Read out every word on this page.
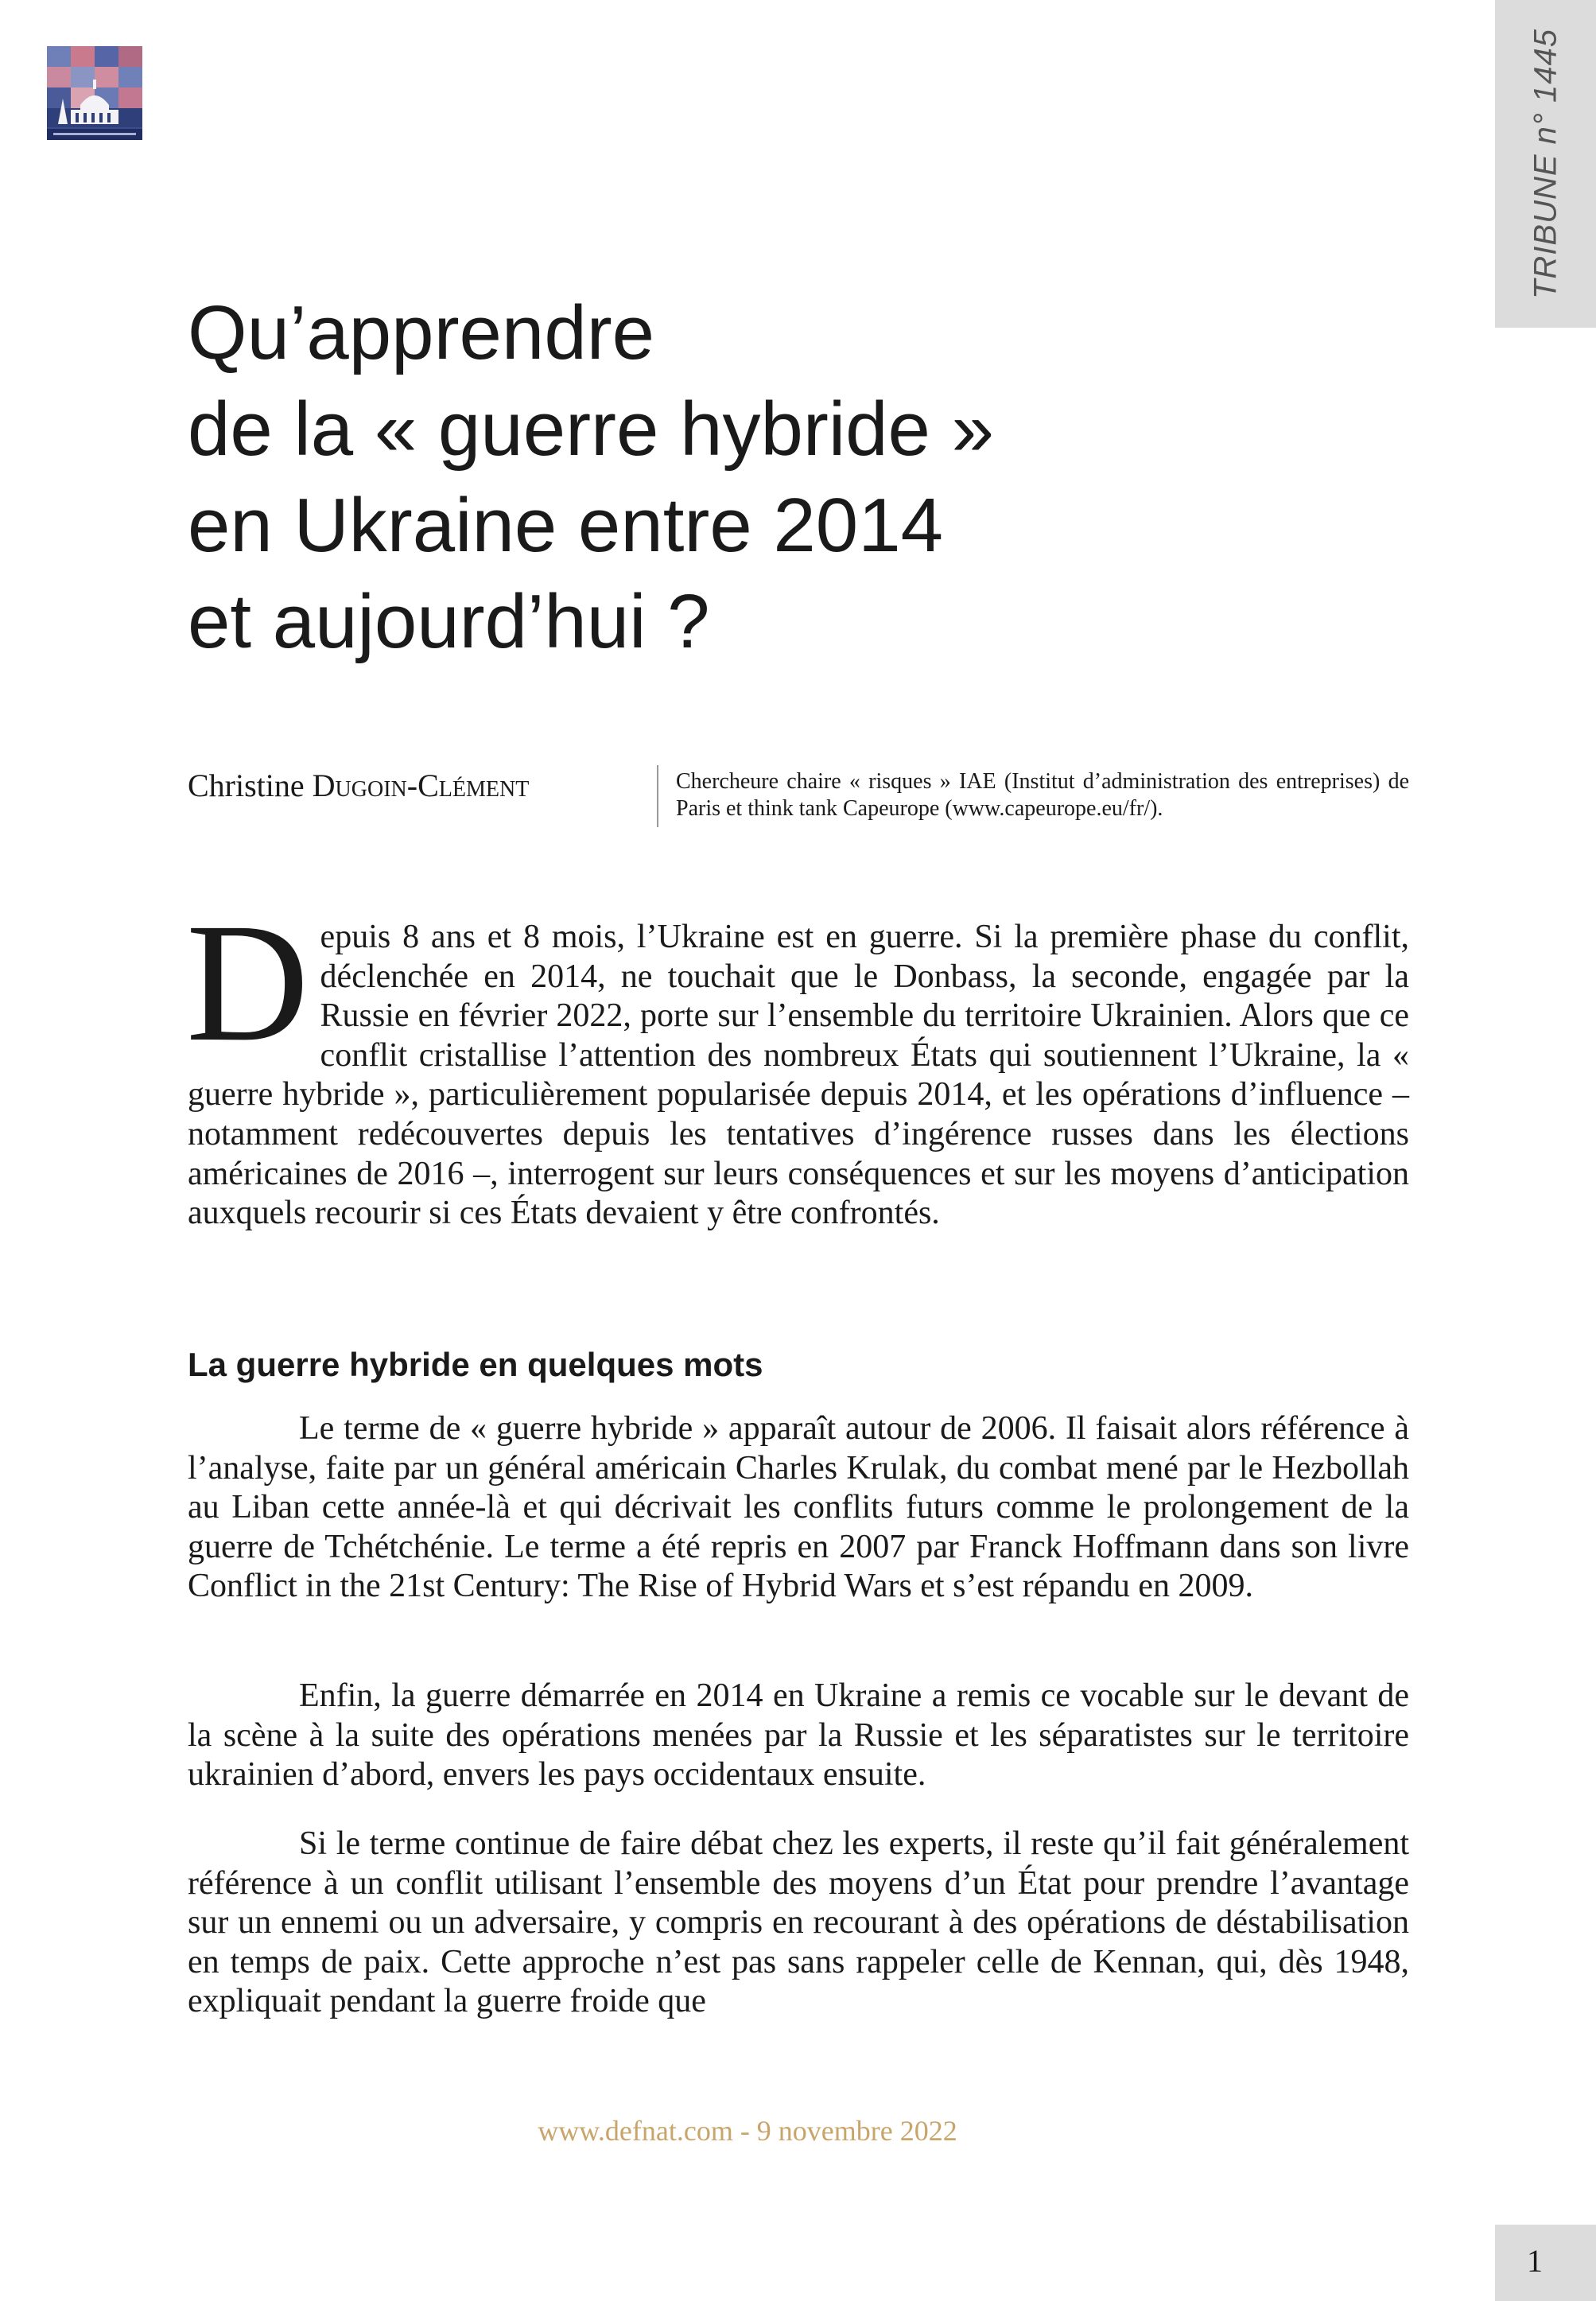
TRIBUNE n° 1445
Qu’apprendre
de la « guerre hybride »
en Ukraine entre 2014
et aujourd’hui ?
Christine Dugoin-Clément	Chercheure chaire « risques » IAE (Institut d’administration des entreprises) de Paris et think tank Capeurope (www.capeurope.eu/fr/).

Depuis 8 ans et 8 mois, l’Ukraine est en guerre. Si la première phase du conflit, déclenchée en 2014, ne touchait que le Donbass, la seconde, engagée par la Russie en février 2022, porte sur l’ensemble du territoire Ukrainien. Alors que ce conflit cristallise l’attention des nombreux États qui soutiennent l’Ukraine, la « guerre hybride », particulièrement popularisée depuis 2014, et les opérations d’influence – notamment redécouvertes depuis les tentatives d’ingérence russes dans les élections américaines de 2016 –, interrogent sur leurs conséquences et sur les moyens d’anticipation auxquels recourir si ces États devaient y être confrontés.

La guerre hybride en quelques mots

Le terme de « guerre hybride » apparaît autour de 2006. Il faisait alors référence à l’analyse, faite par un général américain Charles Krulak, du combat mené par le Hezbollah au Liban cette année-là et qui décrivait les conflits futurs comme le prolongement de la guerre de Tchétchénie. Le terme a été repris en 2007 par Franck Hoffmann dans son livre Conflict in the 21st Century: The Rise of Hybrid Wars et s’est répandu en 2009.

Enfin, la guerre démarrée en 2014 en Ukraine a remis ce vocable sur le devant de la scène à la suite des opérations menées par la Russie et les séparatistes sur le territoire ukrainien d’abord, envers les pays occidentaux ensuite.

Si le terme continue de faire débat chez les experts, il reste qu’il fait généralement référence à un conflit utilisant l’ensemble des moyens d’un État pour prendre l’avantage sur un ennemi ou un adversaire, y compris en recourant à des opérations de déstabilisation en temps de paix. Cette approche n’est pas sans rappeler celle de Kennan, qui, dès 1948, expliquait pendant la guerre froide que

www.defnat.com - 9 novembre 2022
1
